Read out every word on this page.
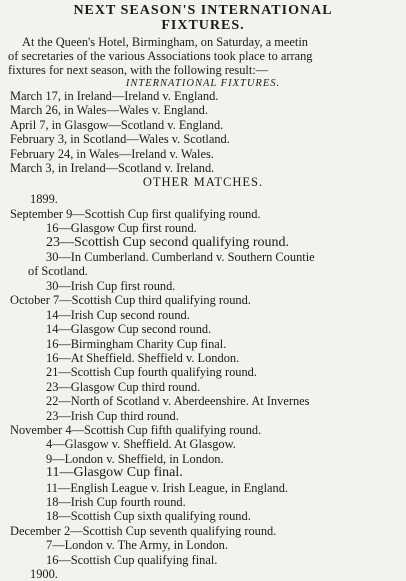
NEXT SEASON'S INTERNATIONAL
FIXTURES.

At the Queen's Hotel, Birmingham, on Saturday, a meetin

of secretaries of the various Associations took place to arrang

fixtures for next season, with the following result:—

INTERNATIONAL FIXTURES.
March 17, in Ireland—Ireland v. England.
March 26, in Wales—Wales v. England.
April 7, in Glasgow—Scotland v. England.
February 3, in Scotland—Wales v. Scotland.
February 24, in Wales—Ireland v. Wales.
March 3, in Ireland—Scotland v. Ireland.
OTHER MATCHES.
1899.
September 9—Scottish Cup first qualifying round.
16—Glasgow Cup first round.
23—Scottish Cup second qualifying round.
30—In Cumberland. Cumberland v. Southern Countie
of Scotland.
30—Irish Cup first round.
October 7—Scottish Cup third qualifying round.
14—Irish Cup second round.
14—Glasgow Cup second round.
16—Birmingham Charity Cup final.
16—At Sheffield. Sheffield v. London.
21—Scottish Cup fourth qualifying round.
23—Glasgow Cup third round.
22—North of Scotland v. Aberdeenshire. At Invernes
23—Irish Cup third round.
November 4—Scottish Cup fifth qualifying round.
4—Glasgow v. Sheffield. At Glasgow.
9—London v. Sheffield, in London.
11—Glasgow Cup final.
11—English League v. Irish League, in England.
18—Irish Cup fourth round.
18—Scottish Cup sixth qualifying round.
December 2—Scottish Cup seventh qualifying round.
7—London v. The Army, in London.
16—Scottish Cup qualifying final.
1900.
